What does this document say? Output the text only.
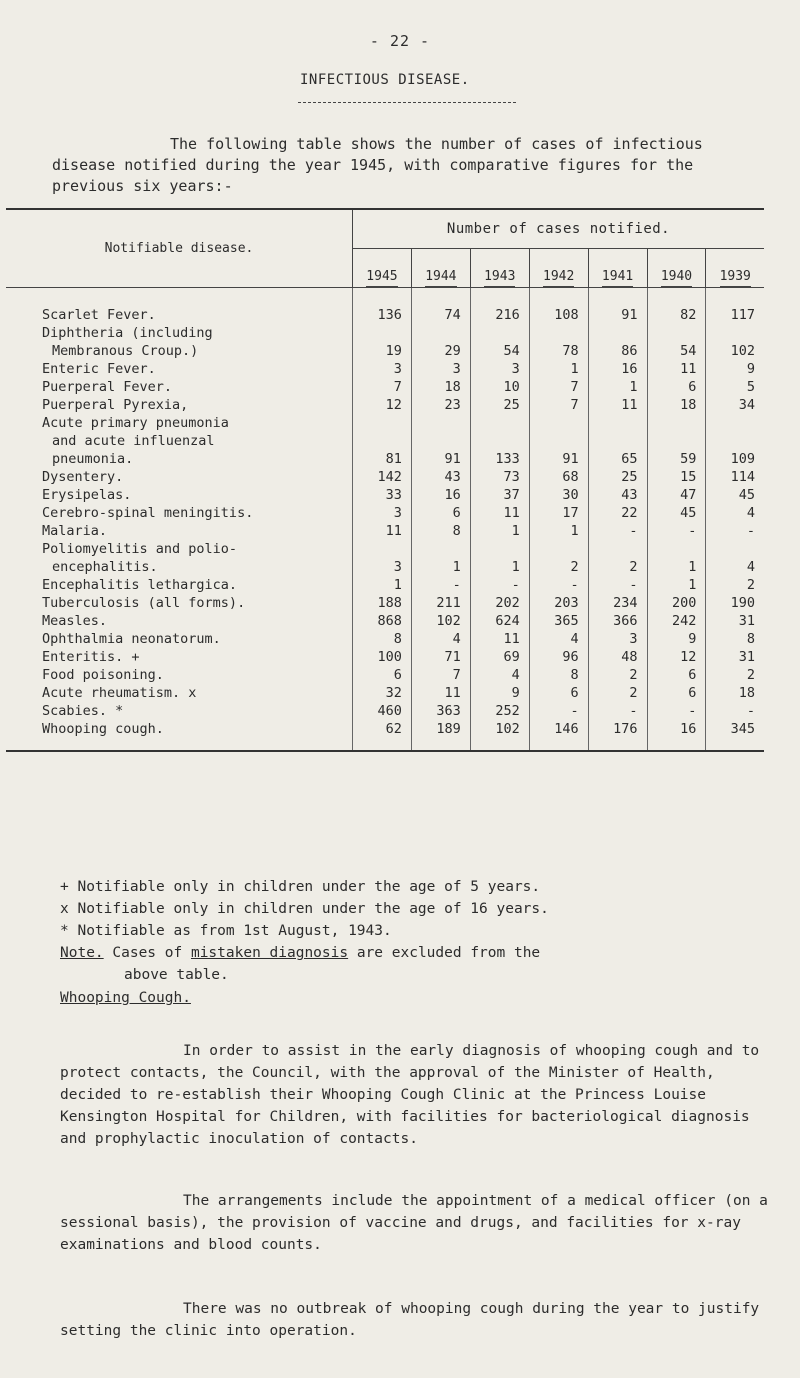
- 22 -
INFECTIOUS DISEASE.

The following table shows the number of cases of infectious disease notified during the year 1945, with comparative figures for the previous six years:-

Notifiable disease.	Number of cases notified.						
	1945	1944	1943	1942	1941	1940	1939

Scarlet Fever.	136	74	216	108	91	82	117

Diphtheria (including
Membranous Croup.)	19	29	54	78	86	54	102

Enteric Fever.	3	3	3	1	16	11	9

Puerperal Fever.	7	18	10	7	1	6	5

Puerperal Pyrexia,	12	23	25	7	11	18	34

Acute primary pneumonia
and acute influenzal
pneumonia.	81	91	133	91	65	59	109

Dysentery.	142	43	73	68	25	15	114

Erysipelas.	33	16	37	30	43	47	45

Cerebro-spinal meningitis.	3	6	11	17	22	45	4

Malaria.	11	8	1	1	-	-	-

Poliomyelitis and polio-
encephalitis.	3	1	1	2	2	1	4

Encephalitis lethargica.	1	-	-	-	-	1	2

Tuberculosis (all forms).	188	211	202	203	234	200	190

Measles.	868	102	624	365	366	242	31

Ophthalmia neonatorum.	8	4	11	4	3	9	8

Enteritis. +	100	71	69	96	48	12	31

Food poisoning.	6	7	4	8	2	6	2

Acute rheumatism. x	32	11	9	6	2	6	18

Scabies. *	460	363	252	-	-	-	-

Whooping cough.	62	189	102	146	176	16	345

+ Notifiable only in children under the age of 5 years.

x Notifiable only in children under the age of 16 years.

* Notifiable as from 1st August, 1943.

Note. Cases of mistaken diagnosis are excluded from the
above table.

Whooping Cough.

In order to assist in the early diagnosis of whooping cough and to protect contacts, the Council, with the approval of the Minister of Health, decided to re-establish their Whooping Cough Clinic at the Princess Louise Kensington Hospital for Children, with facilities for bacteriological diagnosis and prophylactic inoculation of contacts.

The arrangements include the appointment of a medical officer (on a sessional basis), the provision of vaccine and drugs, and facilities for x-ray examinations and blood counts.

There was no outbreak of whooping cough during the year to justify setting the clinic into operation.
